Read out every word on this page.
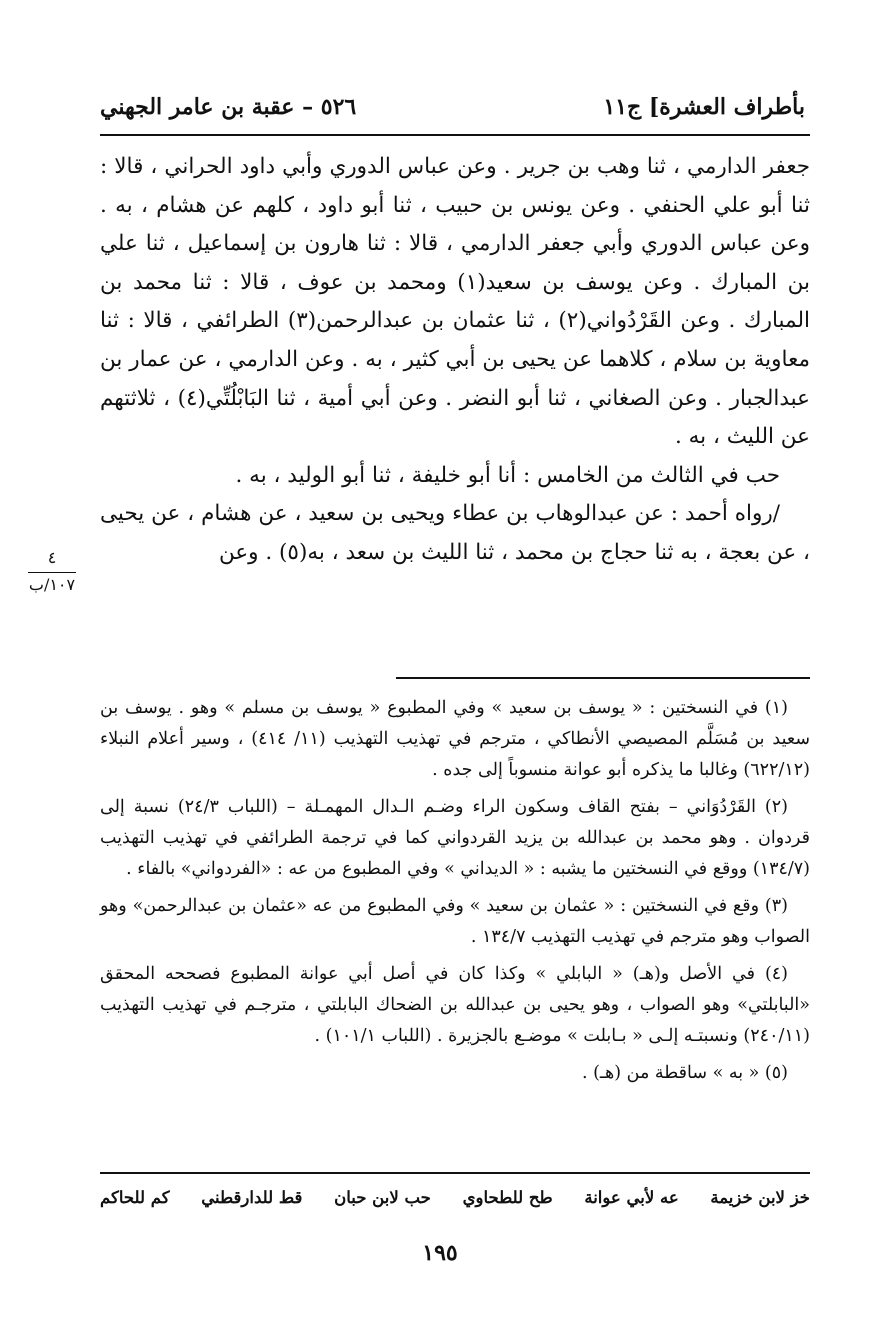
بأطراف العشرة] ج١١
٥٢٦ – عقبة بن عامر الجهني

جعفر الدارمي ، ثنا وهب بن جرير . وعن عباس الدوري وأبي داود الحراني ، قالا : ثنا أبو علي الحنفي . وعن يونس بن حبيب ، ثنا أبو داود ، كلهم عن هشام ، به . وعن عباس الدوري وأبي جعفر الدارمي ، قالا : ثنا هارون بن إسماعيل ، ثنا علي بن المبارك . وعن يوسف بن سعيد(١) ومحمد بن عوف ، قالا : ثنا محمد بن المبارك . وعن القَرْدُواني(٢) ، ثنا عثمان بن عبدالرحمن(٣) الطرائفي ، قالا : ثنا معاوية بن سلام ، كلاهما عن يحيى بن أبي كثير ، به . وعن الدارمي ، عن عمار بن عبدالجبار . وعن الصغاني ، ثنا أبو النضر . وعن أبي أمية ، ثنا البَابْلُتِّي(٤) ، ثلاثتهم عن الليث ، به .

حب في الثالث من الخامس : أنا أبو خليفة ، ثنا أبو الوليد ، به .

/رواه أحمد : عن عبدالوهاب بن عطاء ويحيى بن سعيد ، عن هشام ، عن يحيى ، عن بعجة ، به ثنا حجاج بن محمد ، ثنا الليث بن سعد ، به(٥) . وعن

٤
١٠٧/ب

(١) في النسختين : « يوسف بن سعيد » وفي المطبوع « يوسف بن مسلم » وهو . يوسف بن سعيد بن مُسَلَّم المصيصي الأنطاكي ، مترجم في تهذيب التهذيب (١١/ ٤١٤) ، وسير أعلام النبلاء (٦٢٢/١٢) وغالبا ما يذكره أبو عوانة منسوباً إلى جده .

(٢) القَرْدُوَاني – بفتح القاف وسكون الراء وضـم الـدال المهمـلة – (اللباب ٢٤/٣) نسبة إلى قردوان . وهو محمد بن عبدالله بن يزيد القردواني كما في ترجمة الطرائفي في تهذيب التهذيب (١٣٤/٧) ووقع في النسختين ما يشبه : « الديداني » وفي المطبوع من عه : «الفردواني» بالفاء .

(٣) وقع في النسختين : « عثمان بن سعيد » وفي المطبوع من عه «عثمان بن عبدالرحمن» وهو الصواب وهو مترجم في تهذيب التهذيب ١٣٤/٧ .

(٤) في الأصل و(هـ) « البابلي » وكذا كان في أصل أبي عوانة المطبوع فصححه المحقق «البابلتي» وهو الصواب ، وهو يحيى بن عبدالله بن الضحاك البابلتي ، مترجـم في تهذيب التهذيب (٢٤٠/١١) ونسبتـه إلـى « بـابلت » موضـع بالجزيرة . (اللباب ١٠١/١) .

(٥) « به » ساقطة من (هـ) .

خز لابن خزيمة
عه لأبي عوانة
طح للطحاوي
حب لابن حبان
قط للدارقطني
كم للحاكم
١٩٥
